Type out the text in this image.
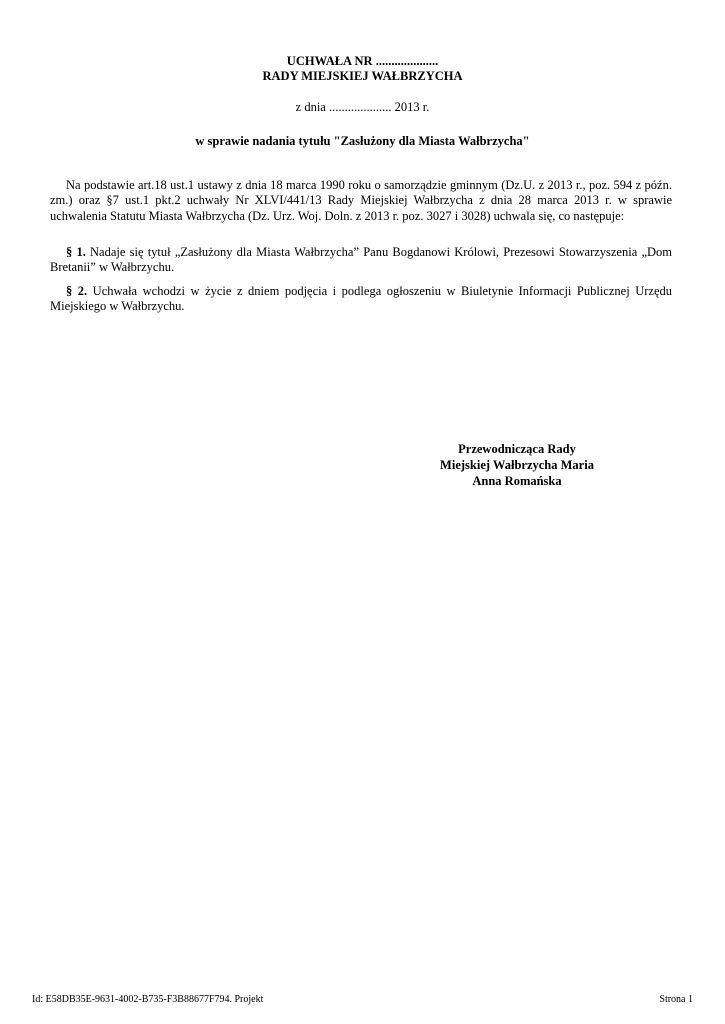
UCHWAŁA NR ....................
RADY MIEJSKIEJ WAŁBRZYCHA
z dnia .................... 2013 r.
w sprawie nadania tytułu "Zasłużony dla Miasta Wałbrzycha"
Na podstawie art.18 ust.1 ustawy z dnia 18 marca 1990 roku o samorządzie gminnym (Dz.U. z 2013 r., poz. 594 z późn. zm.) oraz §7 ust.1 pkt.2 uchwały Nr XLVI/441/13 Rady Miejskiej Wałbrzycha z dnia 28 marca 2013 r. w sprawie uchwalenia Statutu Miasta Wałbrzycha (Dz. Urz. Woj. Doln. z 2013 r. poz. 3027 i 3028) uchwala się, co następuje:
§ 1. Nadaje się tytuł „Zasłużony dla Miasta Wałbrzycha” Panu Bogdanowi Królowi, Prezesowi Stowarzyszenia „Dom Bretanii” w Wałbrzychu.
§ 2. Uchwała wchodzi w życie z dniem podjęcia i podlega ogłoszeniu w Biuletynie Informacji Publicznej Urzędu Miejskiego w Wałbrzychu.
Przewodnicząca Rady
Miejskiej Wałbrzycha Maria
Anna Romańska
Id: E58DB35E-9631-4002-B735-F3B88677F794. Projekt	Strona 1
